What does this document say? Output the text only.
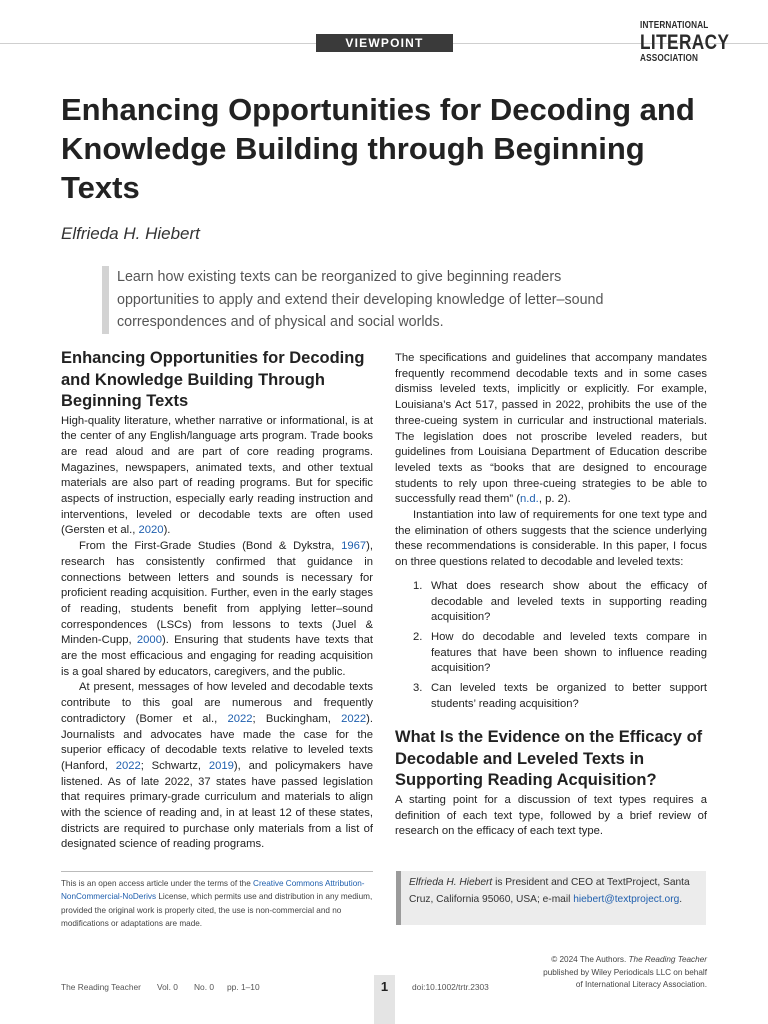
VIEWPOINT
INTERNATIONAL
LITERACY
ASSOCIATION
Enhancing Opportunities for Decoding and Knowledge Building through Beginning Texts
Elfrieda H. Hiebert
Learn how existing texts can be reorganized to give beginning readers opportunities to apply and extend their developing knowledge of letter–sound correspondences and of physical and social worlds.
Enhancing Opportunities for Decoding and Knowledge Building Through Beginning Texts

High-quality literature, whether narrative or informational, is at the center of any English/language arts program. Trade books are read aloud and are part of core reading programs. Magazines, newspapers, animated texts, and other textual materials are also part of reading programs. But for specific aspects of instruction, especially early reading instruction and interventions, leveled or decodable texts are often used (Gersten et al., 2020).

From the First-Grade Studies (Bond & Dykstra, 1967), research has consistently confirmed that guidance in connections between letters and sounds is necessary for proficient reading acquisition. Further, even in the early stages of reading, students benefit from applying letter–sound correspondences (LSCs) from lessons to texts (Juel & Minden-Cupp, 2000). Ensuring that students have texts that are the most efficacious and engaging for reading acquisition is a goal shared by educators, caregivers, and the public.

At present, messages of how leveled and decodable texts contribute to this goal are numerous and frequently contradictory (Bomer et al., 2022; Buckingham, 2022). Journalists and advocates have made the case for the superior efficacy of decodable texts relative to leveled texts (Hanford, 2022; Schwartz, 2019), and policymakers have listened. As of late 2022, 37 states have passed legislation that requires primary-grade curriculum and materials to align with the science of reading and, in at least 12 of these states, districts are required to purchase only materials from a list of designated science of reading programs.

The specifications and guidelines that accompany mandates frequently recommend decodable texts and in some cases dismiss leveled texts, implicitly or explicitly. For example, Louisiana’s Act 517, passed in 2022, prohibits the use of the three-cueing system in curricular and instructional materials. The legislation does not proscribe leveled readers, but guidelines from Louisiana Department of Education describe leveled texts as “books that are designed to encourage students to rely upon three-cueing strategies to be able to successfully read them” (n.d., p. 2).

Instantiation into law of requirements for one text type and the elimination of others suggests that the science underlying these recommendations is considerable. In this paper, I focus on three questions related to decodable and leveled texts:

1. What does research show about the efficacy of decodable and leveled texts in supporting reading acquisition?
2. How do decodable and leveled texts compare in features that have been shown to influence reading acquisition?
3. Can leveled texts be organized to better support students’ reading acquisition?
What Is the Evidence on the Efficacy of Decodable and Leveled Texts in Supporting Reading Acquisition?

A starting point for a discussion of text types requires a definition of each text type, followed by a brief review of research on the efficacy of each text type.

This is an open access article under the terms of the Creative Commons Attribution-NonCommercial-NoDerivs License, which permits use and distribution in any medium, provided the original work is properly cited, the use is non-commercial and no modifications or adaptations are made.
Elfrieda H. Hiebert is President and CEO at TextProject, Santa Cruz, California 95060, USA; e-mail hiebert@textproject.org.
© 2024 The Authors. The Reading Teacher
published by Wiley Periodicals LLC on behalf
of International Literacy Association.
The Reading Teacher Vol. 0 No. 0 pp. 1–10	1	doi:10.1002/trtr.2303
